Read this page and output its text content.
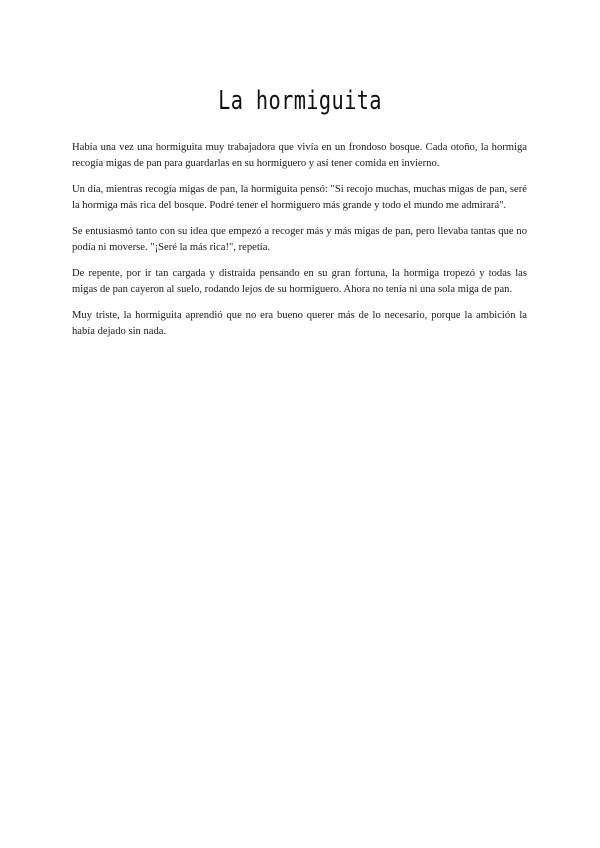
La hormiguita

Había una vez una hormiguita muy trabajadora que vivía en un frondoso bosque. Cada otoño, la hormiga recogía migas de pan para guardarlas en su hormiguero y así tener comida en invierno.

Un día, mientras recogía migas de pan, la hormiguita pensó: "Si recojo muchas, muchas migas de pan, seré la hormiga más rica del bosque. Podré tener el hormiguero más grande y todo el mundo me admirará".

Se entusiasmó tanto con su idea que empezó a recoger más y más migas de pan, pero llevaba tantas que no podía ni moverse. "¡Seré la más rica!", repetía.

De repente, por ir tan cargada y distraída pensando en su gran fortuna, la hormiga tropezó y todas las migas de pan cayeron al suelo, rodando lejos de su hormiguero. Ahora no tenía ni una sola miga de pan.

Muy triste, la hormiguita aprendió que no era bueno querer más de lo necesario, porque la ambición la había dejado sin nada.
